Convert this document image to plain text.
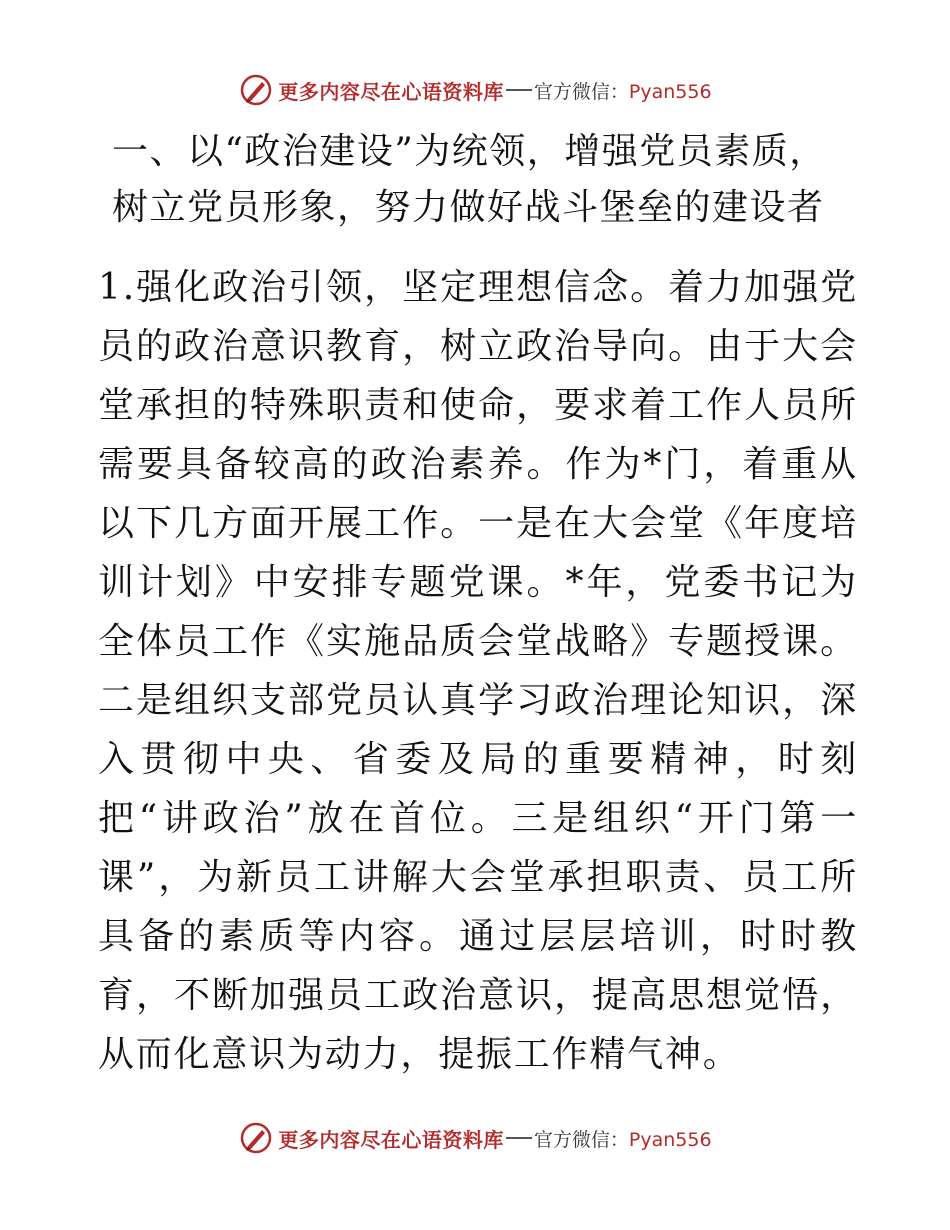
更多内容尽在心语资料库 官方微信：Pyan556
一、以“政治建设”为统领，增强党员素质，树立党员形象，努力做好战斗堡垒的建设者

1.强化政治引领，坚定理想信念。着力加强党员的政治意识教育，树立政治导向。由于大会堂承担的特殊职责和使命，要求着工作人员所需要具备较高的政治素养。作为*门，着重从以下几方面开展工作。一是在大会堂《年度培训计划》中安排专题党课。*年，党委书记为全体员工作《实施品质会堂战略》专题授课。二是组织支部党员认真学习政治理论知识，深入贯彻中央、省委及局的重要精神，时刻把“讲政治”放在首位。三是组织“开门第一课”，为新员工讲解大会堂承担职责、员工所具备的素质等内容。通过层层培训，时时教育，不断加强员工政治意识，提高思想觉悟，从而化意识为动力，提振工作精气神。

更多内容尽在心语资料库 官方微信：Pyan556
